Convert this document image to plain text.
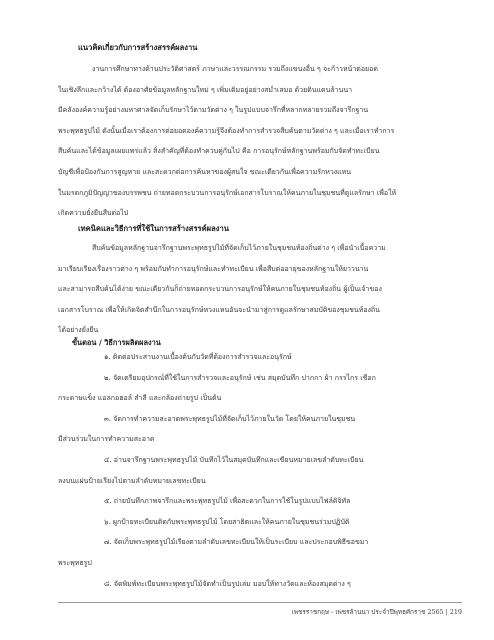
แนวคิดเกี่ยวกับการสร้างสรรค์ผลงาน
งานการศึกษาทางด้านประวัติศาสตร์ ภาษาและวรรณกรรม รวมถึงแขนงอื่น ๆ จะก้าวหน้าต่อยอด
ในเชิงลึกและกว้างได้ ต้องอาศัยข้อมูลหลักฐานใหม่ ๆ เพิ่มเติมอยู่อย่างสม่ำเสมอ ด้วยดินแดนล้านนา
มีคลังองค์ความรู้อย่างมหาศาลจัดเก็บรักษาไว้ตามวัดต่าง ๆ ในรูปแบบจารึกที่หลากหลายรวมถึงจารึกฐาน
พระพุทธรูปไม้ ดังนั้นเมื่อเราต้องการต่อยอดองค์ความรู้จึงต้องทำการสำรวจสืบค้นตามวัดต่าง ๆ และเมื่อเราทำการ
สืบค้นและได้ข้อมูลเผยแพร่แล้ว สิ่งสำคัญที่ต้องทำควบคู่กันไป คือ การอนุรักษ์หลักฐานพร้อมกับจัดทำทะเบียน
บัญชีเพื่อป้องกันการสูญหาย และสะดวกต่อการค้นหาของผู้สนใจ ขณะเดียวกันเพื่อความรักหวงแหน
ในมรดกภูมิปัญญาของบรรพชน ถ่ายทอดกระบวนการอนุรักษ์เอกสารโบราณให้คนภายในชุมชนที่ดูแลรักษา เพื่อให้
เกิดความยั่งยืนสืบต่อไป
เทคนิคและวิธีการที่ใช้ในการสร้างสรรค์ผลงาน
สืบค้นข้อมูลหลักฐานจารึกฐานพระพุทธรูปไม้ที่จัดเก็บไว้ภายในชุมชนท้องถิ่นต่าง ๆ เพื่อนำเนื้อความ
มาเรียบเรียงเรื่องราวต่าง ๆ พร้อมกับทำการอนุรักษ์และทำทะเบียน เพื่อสืบต่ออายุของหลักฐานให้ยาวนาน
และสามารถสืบค้นได้ง่าย ขณะเดียวกันก็ถ่ายทอดกระบวนการอนุรักษ์ให้คนภายในชุมชนท้องถิ่น ผู้เป็นเจ้าของ
เอกสารโบราณ เพื่อให้เกิดจิตสำนึกในการอนุรักษ์หวงแหนอันจะนำมาสู่การดูแลรักษาสมบัติของชุมชนท้องถิ่น
ได้อย่างยั่งยืน
ขั้นตอน / วิธีการผลิตผลงาน
๑. ติดต่อประสานงานเบื้องต้นกับวัดที่ต้องการสำรวจและอนุรักษ์
๒. จัดเตรียมอุปกรณ์ที่ใช้ในการสำรวจและอนุรักษ์ เช่น สมุดบันทึก ปากกา ผ้า กรรไกร เชือก
กระดาษแข็ง แอลกอฮอล์ สำลี และกล้องถ่ายรูป เป็นต้น
๓. จัดการทำความสะอาดพระพุทธรูปไม้ที่จัดเก็บไว้ภายในวัด โดยให้คนภายในชุมชน
มีส่วนร่วมในการทำความสะอาด
๔. อ่านจารึกฐานพระพุทธรูปไม้ บันทึกไว้ในสมุดบันทึกและเขียนหมายเลขลำดับทะเบียน
ลงบนแผ่นป้ายเรียงไปตามลำดับหมายเลขทะเบียน
๕. ถ่ายบันทึกภาพจารึกและพระพุทธรูปไม้ เพื่อสะดวกในการใช้ในรูปแบบไฟล์ดิจิทัล
๖. ผูกป้ายทะเบียนติดกับพระพุทธรูปไม้ โดยสาธิตและให้คนภายในชุมชนร่วมปฏิบัติ
๗. จัดเก็บพระพุทธรูปไม้เรียงตามลำดับเลขทะเบียนให้เป็นระเบียบ และประกอบพิธีขอขมา
พระพุทธรูป
๘. จัดพิมพ์ทะเบียนพระพุทธรูปไม้จัดทำเป็นรูปเล่ม มอบให้ทางวัดและห้องสมุดต่าง ๆ
เพชรราชกฤษ - เพชรล้านนา ประจำปีพุทธศักราช 2565 | 219
